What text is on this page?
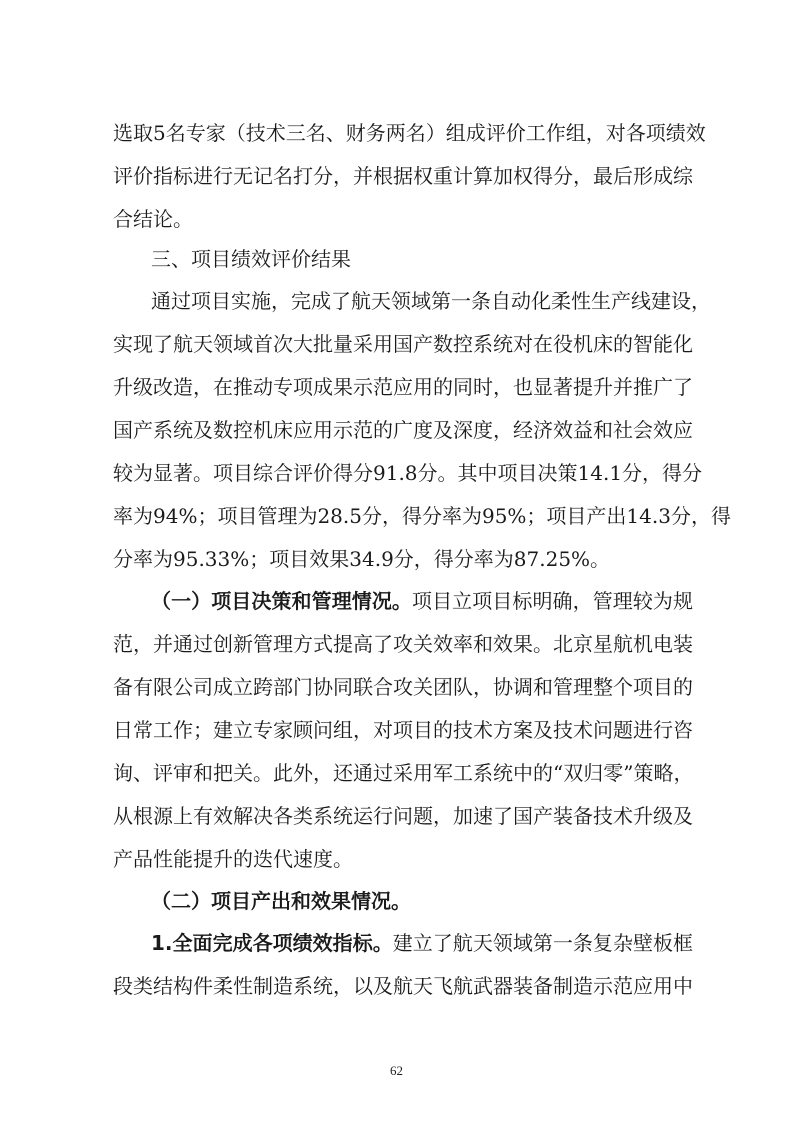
选取5名专家（技术三名、财务两名）组成评价工作组，对各项绩效
评价指标进行无记名打分，并根据权重计算加权得分，最后形成综
合结论。
三、项目绩效评价结果
通过项目实施，完成了航天领域第一条自动化柔性生产线建设，
实现了航天领域首次大批量采用国产数控系统对在役机床的智能化
升级改造，在推动专项成果示范应用的同时，也显著提升并推广了
国产系统及数控机床应用示范的广度及深度，经济效益和社会效应
较为显著。项目综合评价得分91.8分。其中项目决策14.1分，得分
率为94%；项目管理为28.5分，得分率为95%；项目产出14.3分，得
分率为95.33%；项目效果34.9分，得分率为87.25%。
（一）项目决策和管理情况。项目立项目标明确，管理较为规
范，并通过创新管理方式提高了攻关效率和效果。北京星航机电装
备有限公司成立跨部门协同联合攻关团队，协调和管理整个项目的
日常工作；建立专家顾问组，对项目的技术方案及技术问题进行咨
询、评审和把关。此外，还通过采用军工系统中的“双归零”策略，
从根源上有效解决各类系统运行问题，加速了国产装备技术升级及
产品性能提升的迭代速度。
（二）项目产出和效果情况。
1.全面完成各项绩效指标。建立了航天领域第一条复杂壁板框
段类结构件柔性制造系统，以及航天飞航武器装备制造示范应用中
62
